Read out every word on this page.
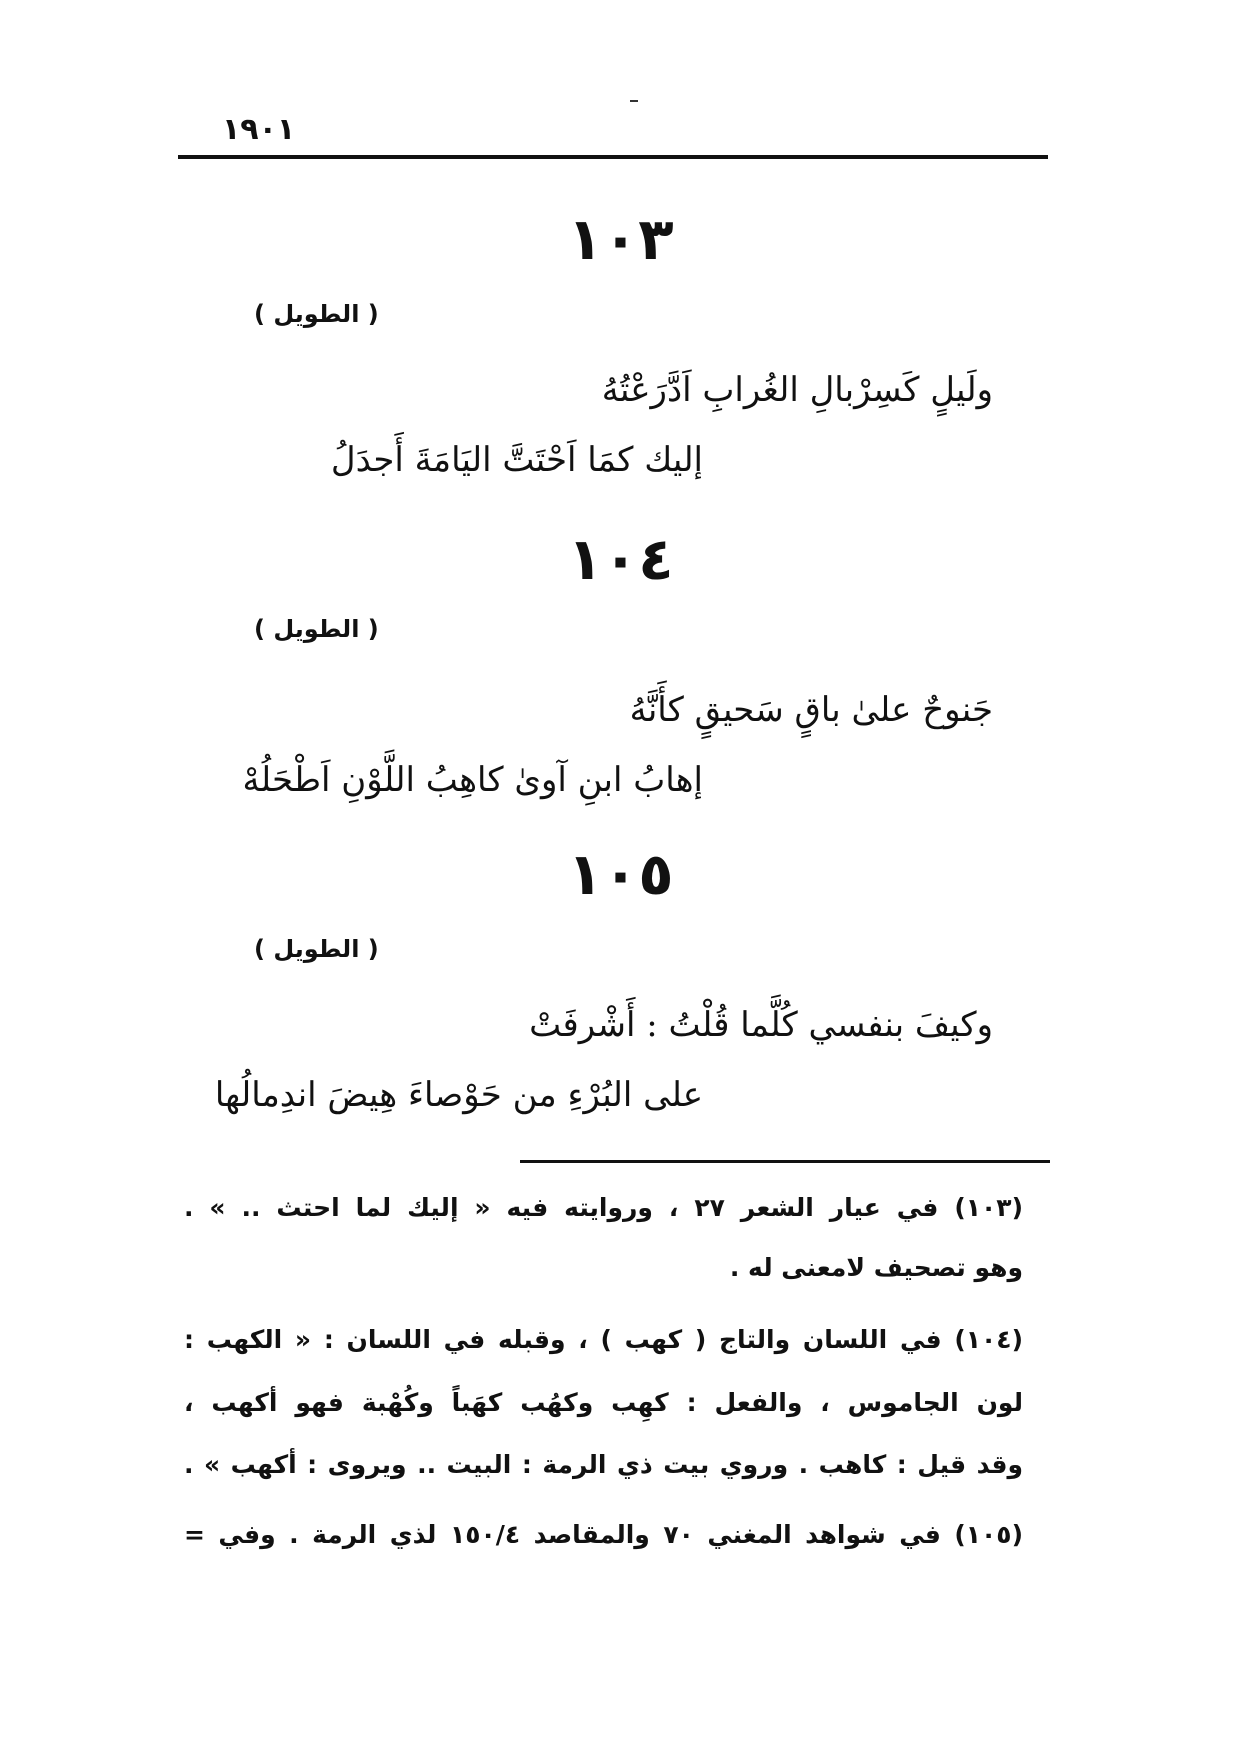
١٩٠١
١٠٣
( الطويل )
ولَيلٍ كَسِرْبالِ الغُرابِ اَدَّرَعْتُهُ
إليك كمَا اَحْتَتَّ اليَامَةَ أَجدَلُ
١٠٤
( الطويل )
جَنوحٌ علىٰ باقٍ سَحيقٍ كأَنَّهُ
إهابُ ابنِ آوىٰ كاهِبُ اللَّوْنِ اَطْحَلُهْ
١٠٥
( الطويل )
وكيفَ بنفسي كُلَّما قُلْتُ : أَشْرفَتْ
على البُرْءِ من حَوْصاءَ هِيضَ اندِمالُها
(١٠٣) في عيار الشعر ٢٧ ، وروايته فيه « إليك لما احتث .. » .
وهو تصحيف لامعنى له .
(١٠٤) في اللسان والتاج ( كهب ) ، وقبله في اللسان : « الكهب :
لون الجاموس ، والفعل : كهِب وكهُب كهَباً وكُهْبة فهو أكهب ،
وقد قيل : كاهب . وروي بيت ذي الرمة : البيت .. ويروى : أكهب » .
(١٠٥) في شواهد المغني ٧٠ والمقاصد ١٥٠/٤ لذي الرمة . وفي =
